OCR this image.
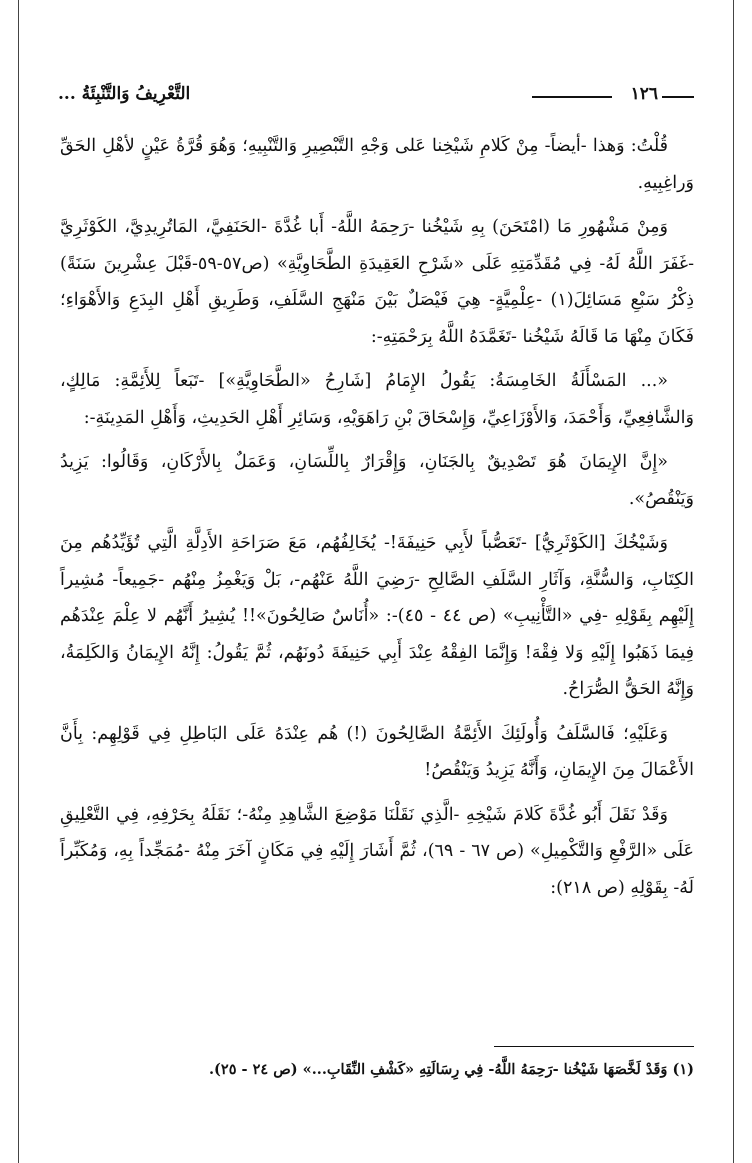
١٢٦
التَّعْرِيفُ وَالتَّنْبِئَةُ ...

قُلْتُ: وَهذا -أيضاً- مِنْ كَلامِ شَيْخِنا عَلى وَجْهِ التَّبْصِيرِ وَالتَّنْبِيهِ؛ وَهُوَ قُرَّةُ عَيْنٍ لأهْلِ الحَقِّ وَراغِبِيهِ.

وَمِنْ مَشْهُورِ مَا (امْتَحَنَ) بِهِ شَيْخُنا -رَحِمَهُ اللَّهُ- أَبا غُدَّةَ -الحَنَفِيَّ، المَاتُرِيدِيَّ، الكَوْثَرِيَّ -غَفَرَ اللَّهُ لَهُ- فِي مُقَدِّمَتِهِ عَلَى «شَرْحِ العَقِيدَةِ الطَّحَاوِيَّةِ» (ص٥٧-٥٩-قَبْلَ عِشْرِينَ سَنَةً) ذِكْرُ سَبْعِ مَسَائِلَ(١) -عِلْمِيَّةٍ- هِيَ فَيْصَلٌ بَيْنَ مَنْهَجِ السَّلَفِ، وَطَرِيقِ أَهْلِ البِدَعِ وَالأَهْوَاءِ؛ فَكَانَ مِنْهَا مَا قَالَهُ شَيْخُنا -تَغَمَّدَهُ اللَّهُ بِرَحْمَتِهِ-:

«... المَسْأَلَةُ الخَامِسَةُ: يَقُولُ الإِمَامُ [شَارِحُ «الطَّحَاوِيَّةِ»] -تَبَعاً لِلأَئِمَّةِ: مَالِكٍ، وَالشَّافِعِيِّ، وَأَحْمَدَ، وَالأَوْزَاعِيِّ، وَإِسْحَاقَ بْنِ رَاهَوَيْهِ، وَسَائِرِ أَهْلِ الحَدِيثِ، وَأَهْلِ المَدِينَةِ-:

«إِنَّ الإِيمَانَ هُوَ تَصْدِيقٌ بِالجَنَانِ، وَإِقْرَارٌ بِاللِّسَانِ، وَعَمَلٌ بِالأَرْكَانِ، وَقَالُوا: يَزِيدُ وَيَنْقُصُ».

وَشَيْخُكَ [الكَوْثَرِيُّ] -تَعَصُّباً لأَبِي حَنِيفَةَ!- يُخَالِفُهُم، مَعَ صَرَاحَةِ الأَدِلَّةِ الَّتِي تُؤَيِّدُهُم مِنَ الكِتَابِ، وَالسُّنَّةِ، وَآثَارِ السَّلَفِ الصَّالِحِ -رَضِيَ اللَّهُ عَنْهُم-، بَلْ وَيَغْمِزُ مِنْهُم -جَمِيعاً- مُشِيراً إِلَيْهِم بِقَوْلِهِ -فِي «التَّأْنِيبِ» (ص ٤٤ - ٤٥)-: «أُنَاسٌ صَالِحُونَ»!! يُشِيرُ أَنَّهُم لا عِلْمَ عِنْدَهُم فِيمَا ذَهَبُوا إِلَيْهِ وَلا فِقْهَ! وَإِنَّمَا الفِقْهُ عِنْدَ أَبِي حَنِيفَةَ دُونَهُم، ثُمَّ يَقُولُ: إِنَّهُ الإِيمَانُ وَالكَلِمَةُ، وَإِنَّهُ الحَقُّ الصُّرَاحُ.

وَعَلَيْهِ؛ فَالسَّلَفُ وَأُولَئِكَ الأَئِمَّةُ الصَّالِحُونَ (!) هُم عِنْدَهُ عَلَى البَاطِلِ فِي قَوْلِهِم: بِأَنَّ الأَعْمَالَ مِنَ الإِيمَانِ، وَأَنَّهُ يَزِيدُ وَيَنْقُصُ!

وَقَدْ نَقَلَ أَبُو غُدَّةَ كَلامَ شَيْخِهِ -الَّذِي نَقَلْنَا مَوْضِعَ الشَّاهِدِ مِنْهُ-؛ نَقَلَهُ بِحَرْفِهِ، فِي التَّعْلِيقِ عَلَى «الرَّفْعِ وَالتَّكْمِيلِ» (ص ٦٧ - ٦٩)، ثُمَّ أَشَارَ إِلَيْهِ فِي مَكَانٍ آخَرَ مِنْهُ -مُمَجِّداً بِهِ، وَمُكَبِّراً لَهُ- بِقَوْلِهِ (ص ٢١٨):

(١) وَقَدْ لَخَّصَهَا شَيْخُنا -رَحِمَهُ اللَّهُ- فِي رِسَالَتِهِ «كَشْفِ النِّقَابِ...» (ص ٢٤ - ٢٥).
